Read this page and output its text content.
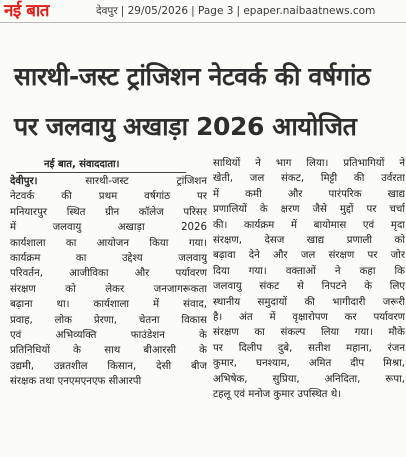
नई बात	देवपुर | 29/05/2026 | Page 3 | epaper.naibaatnews.com
सारथी-जस्ट ट्रांजिशन नेटवर्क की वर्षगांठ
पर जलवायु अखाड़ा 2026 आयोजित
नई बात, संवाददाता।
देवीपुर। सारथी-जस्ट ट्रांजिशन
नेटवर्क की प्रथम वर्षगांठ पर
मनियारपुर स्थित ग्रीन कॉलेज परिसर
में जलवायु अखाड़ा 2026
कार्यशाला का आयोजन किया गया।
कार्यक्रम का उद्देश्य जलवायु
परिवर्तन, आजीविका और पर्यावरण
संरक्षण को लेकर जनजागरूकता
बढ़ाना था। कार्यशाला में संवाद,
प्रवाह, लोक प्रेरणा, चेतना विकास
एवं अभिव्यक्ति फाउंडेशन के
प्रतिनिधियों के साथ बीआरसी के
उद्यमी, उन्नतशील किसान, देसी बीज
संरक्षक तथा एनएमएनएफ सीआरपी
साथियों ने भाग लिया। प्रतिभागियों ने
खेती, जल संकट, मिट्टी की उर्वरता
में कमी और पारंपरिक खाद्य
प्रणालियों के क्षरण जैसे मुद्दों पर चर्चा
की। कार्यक्रम में बायोमास एवं मृदा
संरक्षण, देसज खाद्य प्रणाली को
बढ़ावा देने और जल संरक्षण पर जोर
दिया गया। वक्ताओं ने कहा कि
जलवायु संकट से निपटने के लिए
स्थानीय समुदायों की भागीदारी जरूरी
है। अंत में वृक्षारोपण कर पर्यावरण
संरक्षण का संकल्प लिया गया। मौके
पर दिलीप दुबे, सतीश महाना, रंजन
कुमार, घनश्याम, अमित दीप मिश्रा,
अभिषेक, सुप्रिया, अनिदिता, रूपा,
टहलू एवं मनोज कुमार उपस्थित थे।
